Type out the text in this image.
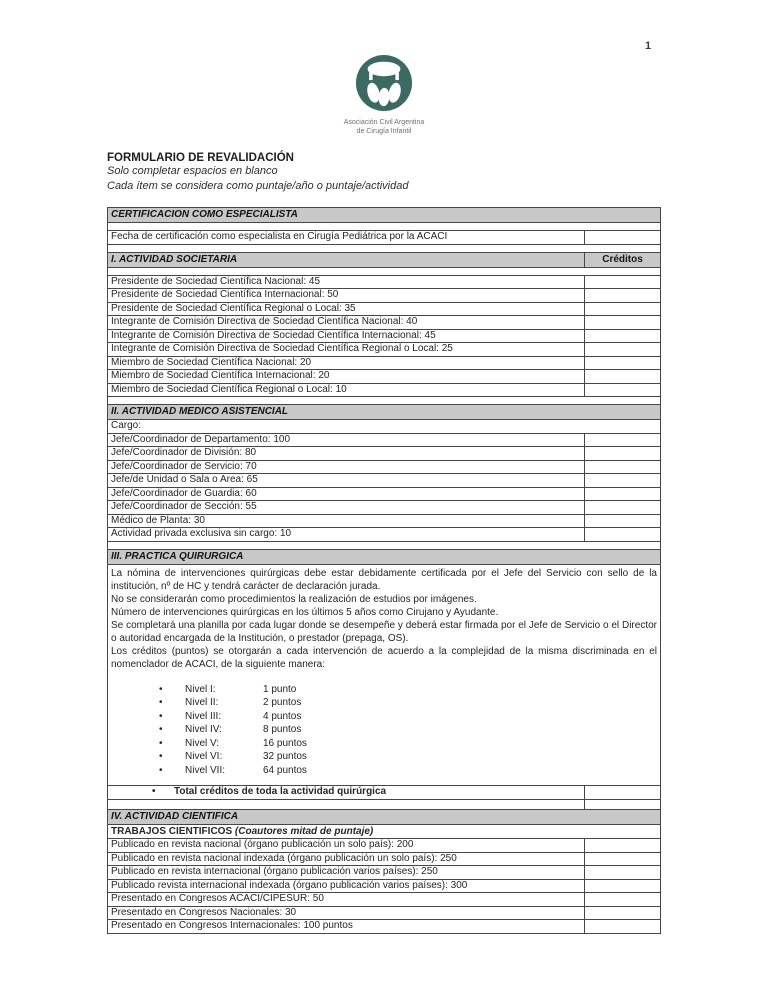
1
Asociación Civil Argentina
de Cirugía Infantil
FORMULARIO DE REVALIDACIÓN
Solo completar espacios en blanco
Cada ítem se considera como puntaje/año o puntaje/actividad
CERTIFICACION COMO ESPECIALISTA
Fecha de certificación como especialista en Cirugía Pediátrica por la ACACI
I. ACTIVIDAD SOCIETARIA	Créditos
Presidente de Sociedad Científica Nacional: 45
Presidente de Sociedad Científica Internacional: 50
Presidente de Sociedad Científica Regional o Local: 35
Integrante de Comisión Directiva de Sociedad Científica Nacional: 40
Integrante de Comisión Directiva de Sociedad Científica Internacional: 45
Integrante de Comisión Directiva de Sociedad Científica Regional o Local: 25
Miembro de Sociedad Científica Nacional: 20
Miembro de Sociedad Científica Internacional: 20
Miembro de Sociedad Científica Regional o Local: 10
II. ACTIVIDAD MEDICO ASISTENCIAL
Cargo:
Jefe/Coordinador de Departamento: 100
Jefe/Coordinador de División: 80
Jefe/Coordinador de Servicio: 70
Jefe/de Unidad o Sala o Area: 65
Jefe/Coordinador de Guardia: 60
Jefe/Coordinador de Sección: 55
Médico de Planta: 30
Actividad privada exclusiva sin cargo: 10
III. PRACTICA QUIRURGICA

La nómina de intervenciones quirúrgicas debe estar debidamente certificada por el Jefe del Servicio con sello de la institución, nº de HC y tendrá carácter de declaración jurada.

No se considerarán como procedimientos la realización de estudios por imágenes.

Número de intervenciones quirúrgicas en los últimos 5 años como Cirujano y Ayudante.

Se completará una planilla por cada lugar donde se desempeñe y deberá estar firmada por el Jefe de Servicio o el Director o autoridad encargada de la Institución, o prestador (prepaga, OS).

Los créditos (puntos) se otorgarán a cada intervención de acuerdo a la complejidad de la misma discriminada en el nomenclador de ACACI, de la siguiente manera:

•	Nivel I:	1 punto
•	Nivel II:	2 puntos
•	Nivel III:	4 puntos
•	Nivel IV:	8 puntos
•	Nivel V:	16 puntos
•	Nivel VI:	32 puntos
•	Nivel VII:	64 puntos
•	Total créditos de toda la actividad quirúrgica
IV. ACTIVIDAD CIENTIFICA
TRABAJOS CIENTIFICOS (Coautores mitad de puntaje)
Publicado en revista nacional (órgano publicación un solo país): 200
Publicado en revista nacional indexada (órgano publicación un solo país): 250
Publicado en revista internacional (órgano publicación varios países): 250
Publicado revista internacional indexada (órgano publicación varios países): 300
Presentado en Congresos ACACI/CIPESUR: 50
Presentado en Congresos Nacionales: 30
Presentado en Congresos Internacionales: 100 puntos
